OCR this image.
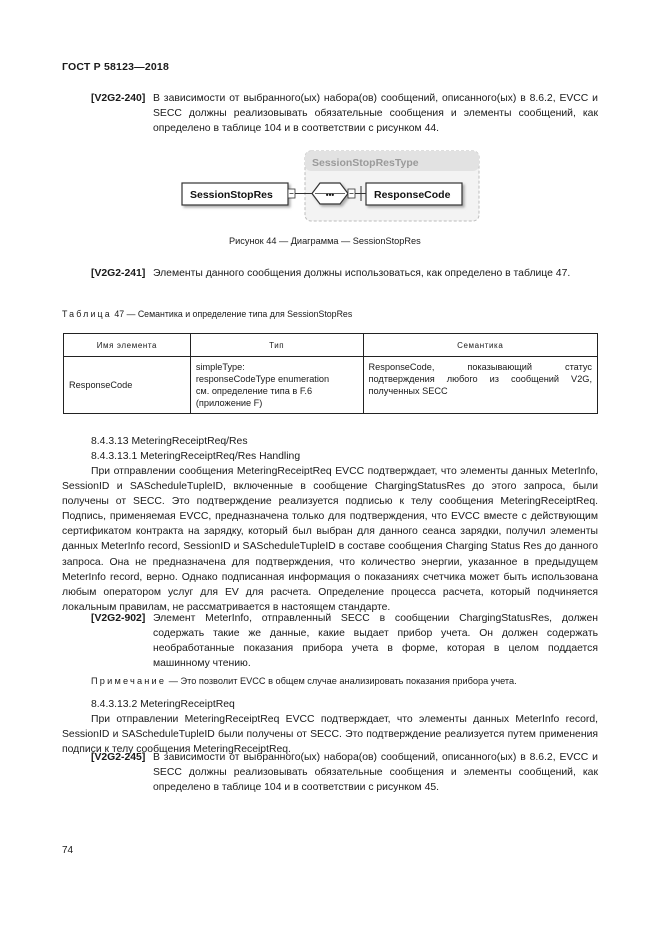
ГОСТ Р 58123—2018
[V2G2-240] В зависимости от выбранного(ых) набора(ов) сообщений, описанного(ых) в 8.6.2, EVCC и SECC должны реализовывать обязательные сообщения и элементы сообщений, как определено в таблице 104 и в соответствии с рисунком 44.
SessionStopResType
SessionStopRes	•••	ResponseCode
Рисунок 44 — Диаграмма — SessionStopRes
[V2G2-241] Элементы данного сообщения должны использоваться, как определено в таблице 47.
Таблица 47 — Семантика и определение типа для SessionStopRes
Имя элемента	Тип	Семантика
ResponseCode	simpleType:
responseCodeType enumeration
см. определение типа в F.6
(приложение F)	ResponseCode, показывающий статус подтверждения любого из сообщений V2G, полученных SECC
8.4.3.13 MeteringReceiptReq/Res
8.4.3.13.1 MeteringReceiptReq/Res Handling
При отправлении сообщения MeteringReceiptReq EVCC подтверждает, что элементы данных MeterInfo, SessionID и SAScheduleTupleID, включенные в сообщение ChargingStatusRes до этого запроса, были получены от SECC. Это подтверждение реализуется подписью к телу сообщения MeteringReceiptReq. Подпись, применяемая EVCC, предназначена только для подтверждения, что EVCC вместе с действующим сертификатом контракта на зарядку, который был выбран для данного сеанса зарядки, получил элементы данных MeterInfo record, SessionID и SAScheduleTupleID в составе сообщения Charging Status Res до данного запроса. Она не предназначена для подтверждения, что количество энергии, указанное в предыдущем MeterInfo record, верно. Однако подписанная информация о показаниях счетчика может быть использована любым оператором услуг для EV для расчета. Определение процесса расчета, который подчиняется локальным правилам, не рассматривается в настоящем стандарте.
[V2G2-902] Элемент MeterInfo, отправленный SECC в сообщении ChargingStatusRes, должен содержать такие же данные, какие выдает прибор учета. Он должен содержать необработанные показания прибора учета в форме, которая в целом поддается машинному чтению.
Примечание — Это позволит EVCC в общем случае анализировать показания прибора учета.
8.4.3.13.2 MeteringReceiptReq
При отправлении MeteringReceiptReq EVCC подтверждает, что элементы данных MeterInfo record, SessionID и SAScheduleTupleID были получены от SECC. Это подтверждение реализуется путем применения подписи к телу сообщения MeteringReceiptReq.
[V2G2-245] В зависимости от выбранного(ых) набора(ов) сообщений, описанного(ых) в 8.6.2, EVCC и SECC должны реализовывать обязательные сообщения и элементы сообщений, как определено в таблице 104 и в соответствии с рисунком 45.
74
